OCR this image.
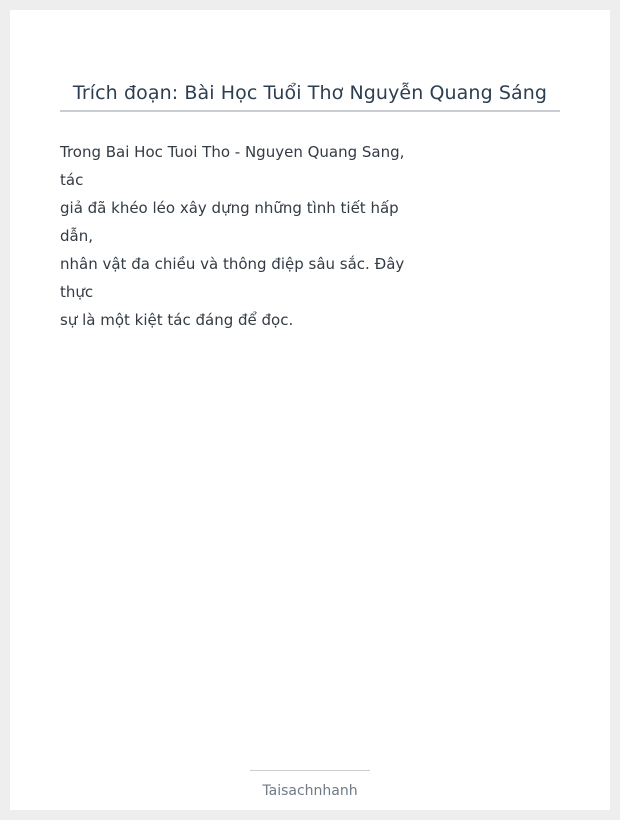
Trích đoạn: Bài Học Tuổi Thơ Nguyễn Quang Sáng
Trong Bai Hoc Tuoi Tho - Nguyen Quang Sang,
tác
giả đã khéo léo xây dựng những tình tiết hấp
dẫn,
nhân vật đa chiều và thông điệp sâu sắc. Đây
thực
sự là một kiệt tác đáng để đọc.
Taisachnhanh
